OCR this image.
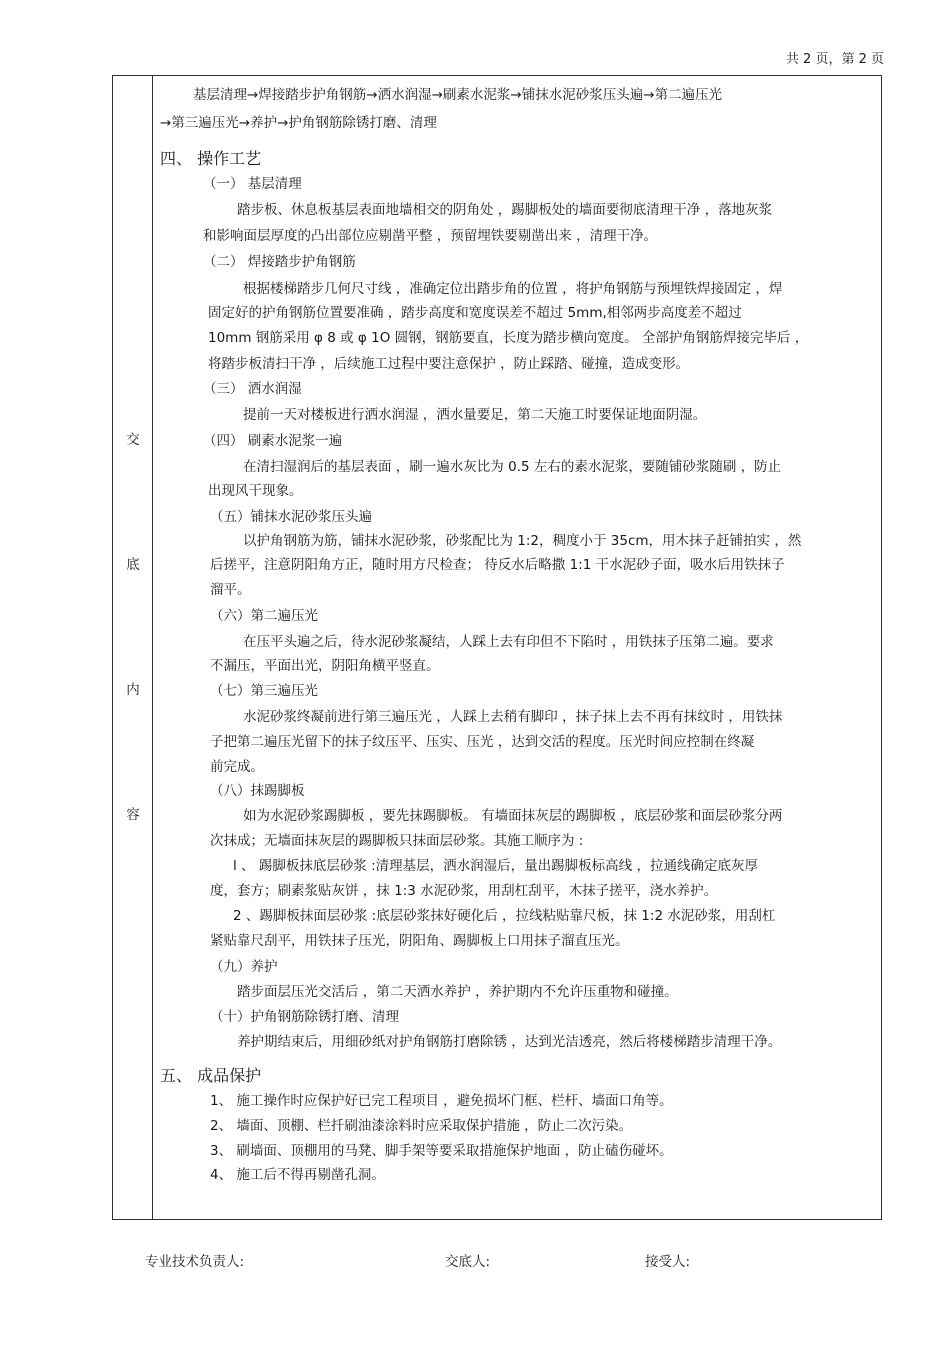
共 2 页，第 2 页
交
底
内
容
基层清理→焊接踏步护角钢筋→洒水润湿→刷素水泥浆→铺抹水泥砂浆压头遍→第二遍压光
→第三遍压光→养护→护角钢筋除锈打磨、清理
四、 操作工艺
（一） 基层清理
踏步板、休息板基层表面地墙相交的阴角处 ，踢脚板处的墙面要彻底清理干净 ，落地灰浆
和影响面层厚度的凸出部位应剔凿平整 ，预留埋铁要剔凿出来 ，清理干净。
（二） 焊接踏步护角钢筋
根据楼梯踏步几何尺寸线 ，准确定位出踏步角的位置 ，将护角钢筋与预埋铁焊接固定 ，焊
固定好的护角钢筋位置要准确 ，踏步高度和宽度误差不超过 5mm,相邻两步高度差不超过
10mm 钢筋采用 φ 8 或 φ 1O 圆钢，钢筋要直，长度为踏步横向宽度。 全部护角钢筋焊接完毕后 ，
将踏步板清扫干净 ，后续施工过程中要注意保护 ，防止踩踏、碰撞，造成变形。
（三） 洒水润湿
提前一天对楼板进行洒水润湿 ，洒水量要足，第二天施工时要保证地面阴湿。
（四） 刷素水泥浆一遍
在清扫湿润后的基层表面 ，刷一遍水灰比为 0.5 左右的素水泥浆，要随铺砂浆随刷 ，防止
出现风干现象。
（五）铺抹水泥砂浆压头遍
以护角钢筋为筋，铺抹水泥砂浆，砂浆配比为 1:2，稠度小于 35cm，用木抹子赶铺拍实 ，然
后搓平，注意阴阳角方正，随时用方尺检查； 待反水后略撒 1:1 干水泥砂子面，吸水后用铁抹子
溜平。
（六）第二遍压光
在压平头遍之后，待水泥砂浆凝结，人踩上去有印但不下陷时 ，用铁抹子压第二遍。要求
不漏压，平面出光，阴阳角横平竖直。
（七）第三遍压光
水泥砂浆终凝前进行第三遍压光 ，人踩上去稍有脚印 ，抹子抹上去不再有抹纹时 ，用铁抹
子把第二遍压光留下的抹子纹压平、压实、压光 ，达到交活的程度。压光时间应控制在终凝
前完成。
（八）抹踢脚板
如为水泥砂浆踢脚板 ，要先抹踢脚板。 有墙面抹灰层的踢脚板 ，底层砂浆和面层砂浆分两
次抹成；无墙面抹灰层的踢脚板只抹面层砂浆。其施工顺序为 :
l 、 踢脚板抹底层砂浆 :清理基层，洒水润湿后，量出踢脚板标高线 ，拉通线确定底灰厚
度，套方；刷素浆贴灰饼 ，抹 1:3 水泥砂浆，用刮杠刮平，木抹子搓平，浇水养护。
2 、踢脚板抹面层砂浆 :底层砂浆抹好硬化后 ，拉线粘贴靠尺板，抹 1:2 水泥砂浆，用刮杠
紧贴靠尺刮平，用铁抹子压光，阴阳角、踢脚板上口用抹子溜直压光。
（九）养护
踏步面层压光交活后 ，第二天洒水养护 ，养护期内不允许压重物和碰撞。
（十）护角钢筋除锈打磨、清理
养护期结束后，用细砂纸对护角钢筋打磨除锈 ，达到光洁透亮，然后将楼梯踏步清理干净。
五、 成品保护
1、 施工操作时应保护好已完工程项目 ，避免损坏门框、栏杆、墙面口角等。
2、 墙面、顶棚、栏扦刷油漆涂料时应采取保护措施 ，防止二次污染。
3、 刷墙面、顶棚用的马凳、脚手架等要采取措施保护地面 ，防止磕伤碰坏。
4、 施工后不得再剔凿孔洞。
专业技术负责人:	交底人:	接受人:
